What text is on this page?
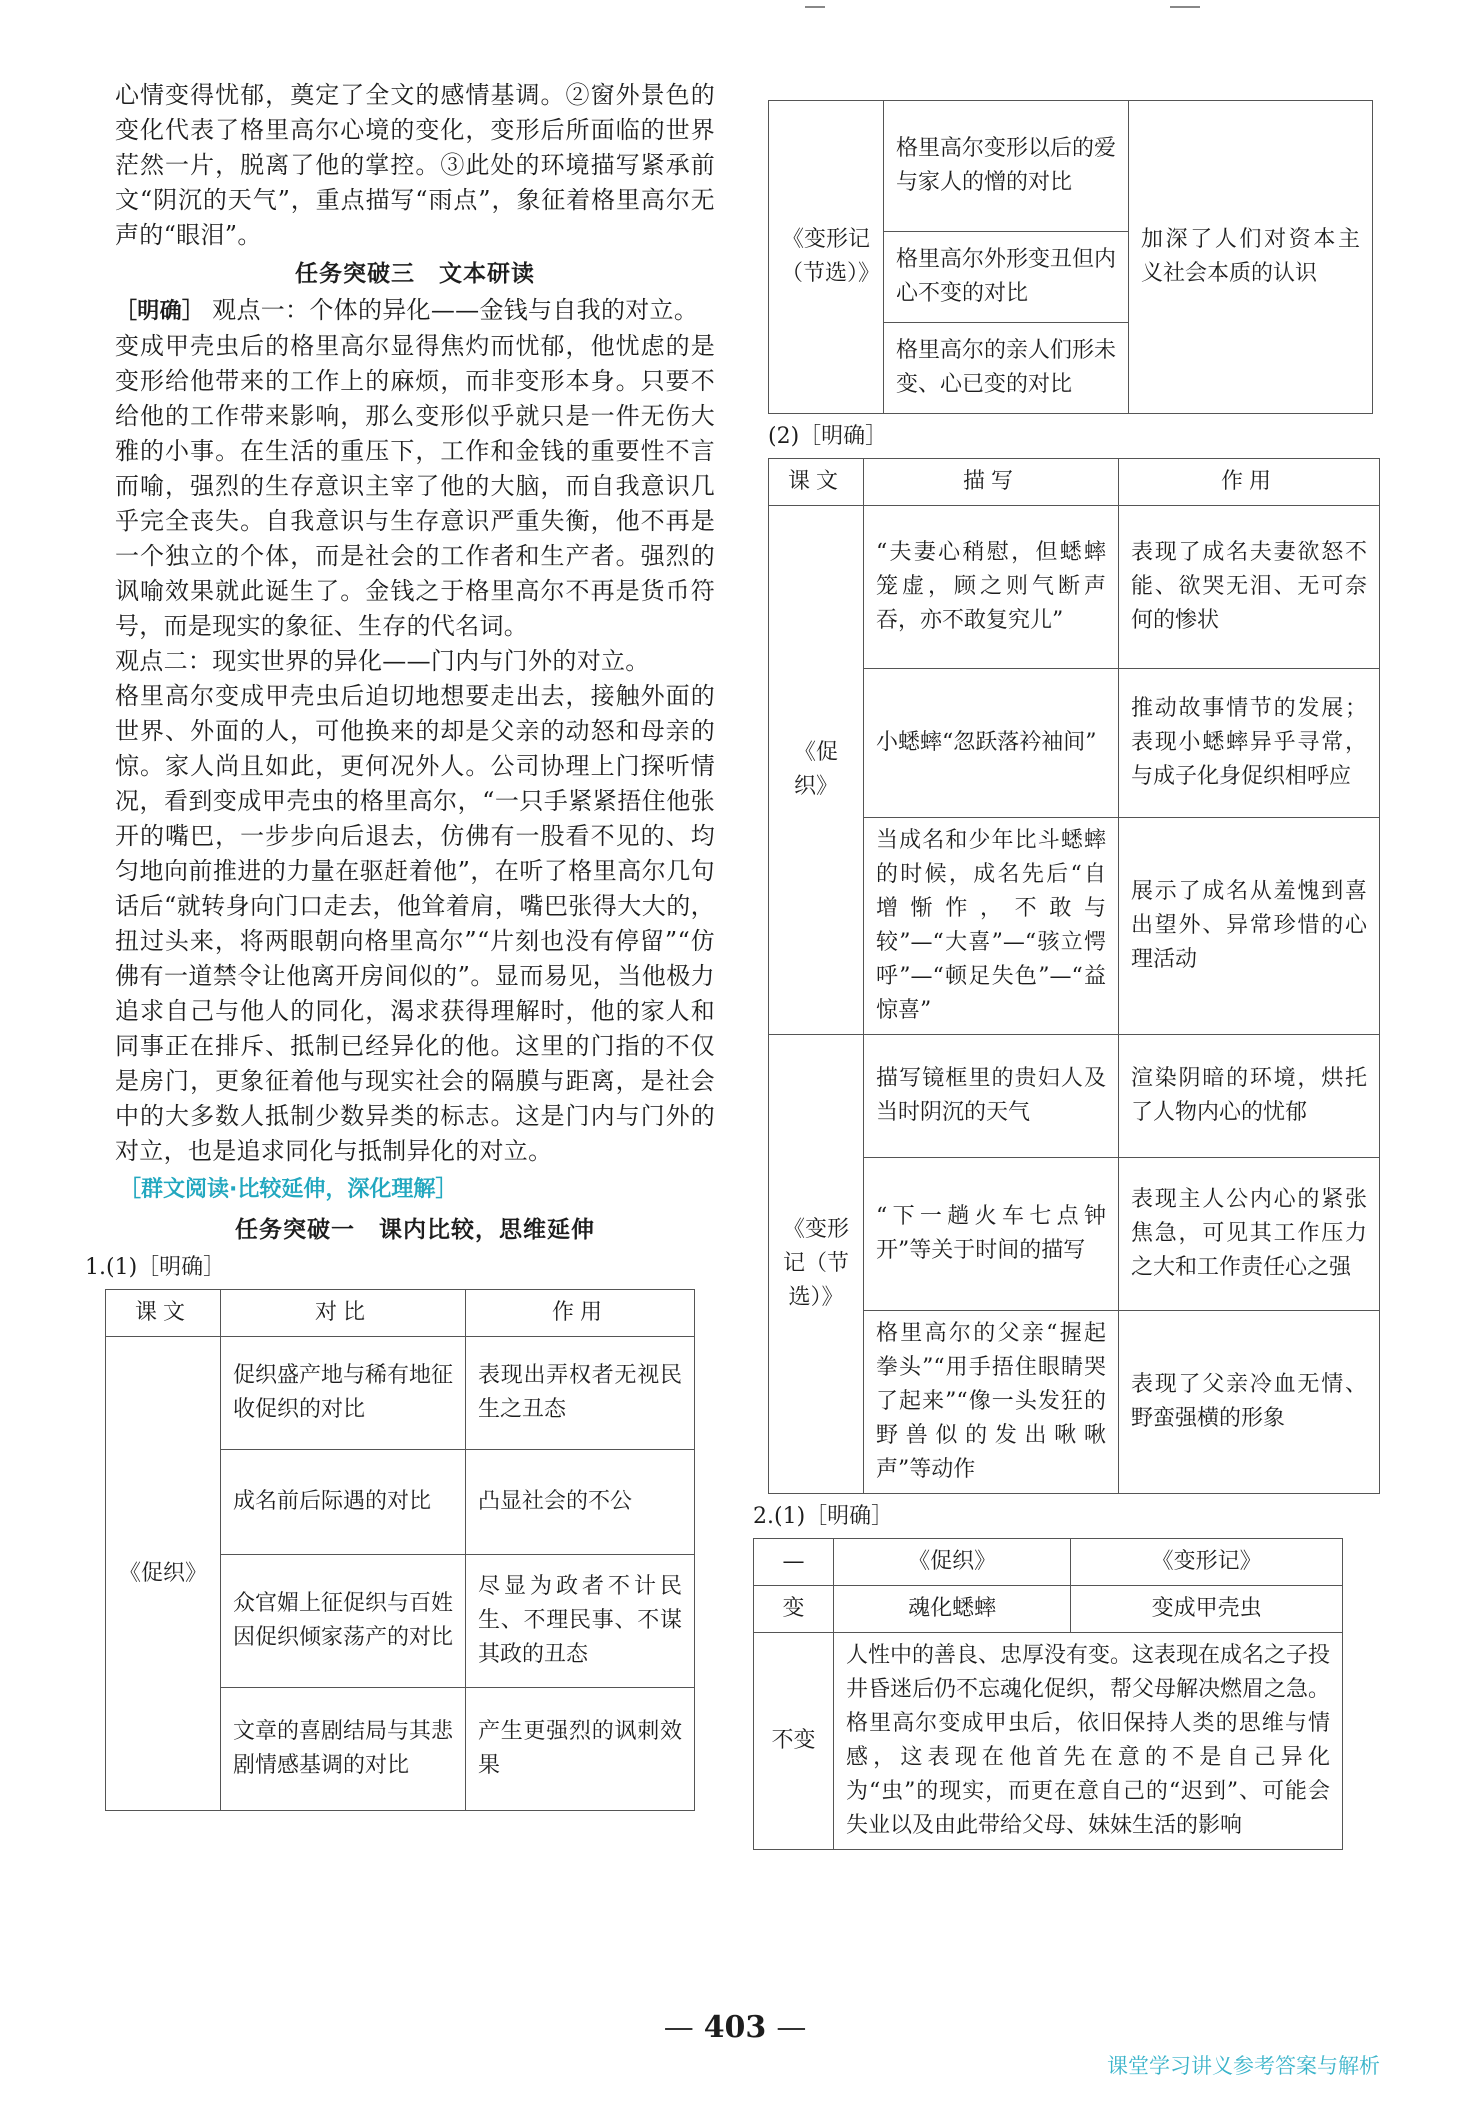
心情变得忧郁，奠定了全文的感情基调。②窗外景色的变化代表了格里高尔心境的变化，变形后所面临的世界茫然一片，脱离了他的掌控。③此处的环境描写紧承前文“阴沉的天气”，重点描写“雨点”，象征着格里高尔无声的“眼泪”。

任务突破三　文本研读

［明确］ 观点一：个体的异化——金钱与自我的对立。

变成甲壳虫后的格里高尔显得焦灼而忧郁，他忧虑的是变形给他带来的工作上的麻烦，而非变形本身。只要不给他的工作带来影响，那么变形似乎就只是一件无伤大雅的小事。在生活的重压下，工作和金钱的重要性不言而喻，强烈的生存意识主宰了他的大脑，而自我意识几乎完全丧失。自我意识与生存意识严重失衡，他不再是一个独立的个体，而是社会的工作者和生产者。强烈的讽喻效果就此诞生了。金钱之于格里高尔不再是货币符号，而是现实的象征、生存的代名词。

观点二：现实世界的异化——门内与门外的对立。

格里高尔变成甲壳虫后迫切地想要走出去，接触外面的世界、外面的人，可他换来的却是父亲的动怒和母亲的惊。家人尚且如此，更何况外人。公司协理上门探听情况，看到变成甲壳虫的格里高尔，“一只手紧紧捂住他张开的嘴巴，一步步向后退去，仿佛有一股看不见的、均匀地向前推进的力量在驱赶着他”，在听了格里高尔几句话后“就转身向门口走去，他耸着肩，嘴巴张得大大的，扭过头来，将两眼朝向格里高尔”“片刻也没有停留”“仿佛有一道禁令让他离开房间似的”。显而易见，当他极力追求自己与他人的同化，渴求获得理解时，他的家人和同事正在排斥、抵制已经异化的他。这里的门指的不仅是房门，更象征着他与现实社会的隔膜与距离，是社会中的大多数人抵制少数异类的标志。这是门内与门外的对立，也是追求同化与抵制异化的对立。

［群文阅读·比较延伸，深化理解］
任务突破一　课内比较，思维延伸
1.(1)［明确］
课文	对比	作用
《促织》	促织盛产地与稀有地征收促织的对比	表现出弄权者无视民生之丑态
	成名前后际遇的对比	凸显社会的不公
	众官媚上征促织与百姓因促织倾家荡产的对比	尽显为政者不计民生、不理民事、不谋其政的丑态
	文章的喜剧结局与其悲剧情感基调的对比	产生更强烈的讽刺效果
《变形记（节选）》	格里高尔变形以后的爱与家人的憎的对比	加深了人们对资本主义社会本质的认识
格里高尔外形变丑但内心不变的对比
格里高尔的亲人们形未变、心已变的对比
(2)［明确］
课文	描写	作用
《促织》	“夫妻心稍慰，但蟋蟀笼虚，顾之则气断声吞，亦不敢复究儿”	表现了成名夫妻欲怒不能、欲哭无泪、无可奈何的惨状
	小蟋蟀“忽跃落衿袖间”	推动故事情节的发展；表现小蟋蟀异乎寻常，与成子化身促织相呼应
	当成名和少年比斗蟋蟀的时候，成名先后“自增惭怍，不敢与较”—“大喜”—“骇立愕呼”—“顿足失色”—“益惊喜”	展示了成名从羞愧到喜出望外、异常珍惜的心理活动
《变形记（节选）》	描写镜框里的贵妇人及当时阴沉的天气	渲染阴暗的环境，烘托了人物内心的忧郁
	“下一趟火车七点钟开”等关于时间的描写	表现主人公内心的紧张焦急，可见其工作压力之大和工作责任心之强
	格里高尔的父亲“握起拳头”“用手捂住眼睛哭了起来”“像一头发狂的野兽似的发出啾啾声”等动作	表现了父亲冷血无情、野蛮强横的形象
2.(1)［明确］
—	《促织》	《变形记》
变	魂化蟋蟀	变成甲壳虫
不变	人性中的善良、忠厚没有变。这表现在成名之子投井昏迷后仍不忘魂化促织，帮父母解决燃眉之急。格里高尔变成甲虫后，依旧保持人类的思维与情感，这表现在他首先在意的不是自己异化为“虫”的现实，而更在意自己的“迟到”、可能会失业以及由此带给父母、妹妹生活的影响	
— 403 —
课堂学习讲义参考答案与解析
